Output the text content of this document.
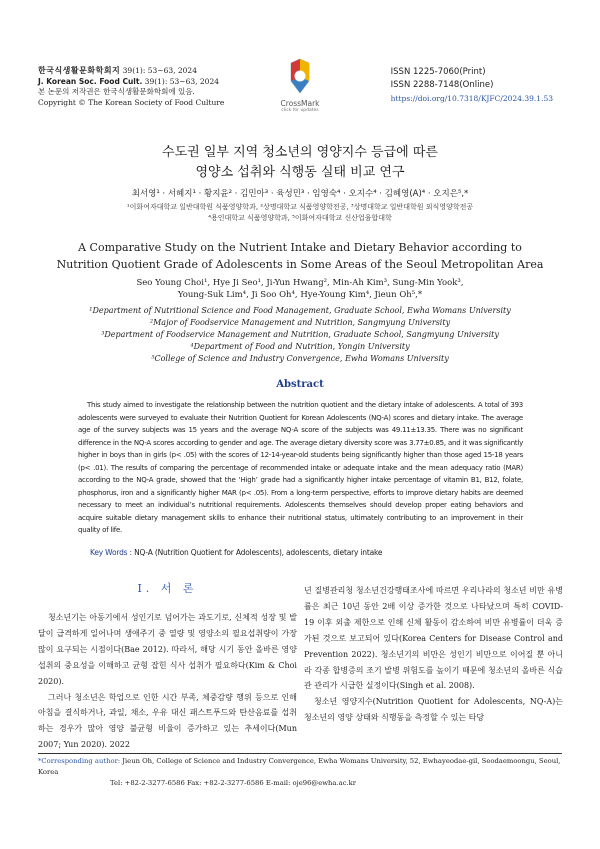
한국식생활문화학회지 39(1): 53~63, 2024
J. Korean Soc. Food Cult. 39(1): 53~63, 2024
본 논문의 저작권은 한국식생활문화학회에 있음.
Copyright © The Korean Society of Food Culture	CrossMark
click for updates
ISSN 1225-7060(Print)
ISSN 2288-7148(Online)
https://doi.org/10.7318/KJFC/2024.39.1.53
수도권 일부 지역 청소년의 영양지수 등급에 따른
영양소 섭취와 식행동 실태 비교 연구
최서영¹ · 서혜지¹ · 황지윤² · 김민아³ · 육성민³ · 임영숙⁴ · 오지수⁴ · 김혜영(A)⁴ · 오지은⁵,*
¹이화여자대학교 일반대학원 식품영양학과, ²상명대학교 식품영양학전공, ³상명대학교 일반대학원 외식영양학전공
⁴용인대학교 식품영양학과, ⁵이화여자대학교 신산업융합대학
A Comparative Study on the Nutrient Intake and Dietary Behavior according to
Nutrition Quotient Grade of Adolescents in Some Areas of the Seoul Metropolitan Area
Seo Young Choi¹, Hye Ji Seo¹, Ji-Yun Hwang², Min-Ah Kim³, Sung-Min Yook³,
Young-Suk Lim⁴, Ji Soo Oh⁴, Hye-Young Kim⁴, Jieun Oh⁵,*
¹Department of Nutritional Science and Food Management, Graduate School, Ewha Womans University
²Major of Foodservice Management and Nutrition, Sangmyung University
³Department of Foodservice Management and Nutrition, Graduate School, Sangmyung University
⁴Department of Food and Nutrition, Yongin University
⁵College of Science and Industry Convergence, Ewha Womans University
Abstract

This study aimed to investigate the relationship between the nutrition quotient and the dietary intake of adolescents. A total of 393 adolescents were surveyed to evaluate their Nutrition Quotient for Korean Adolescents (NQ-A) scores and dietary intake. The average age of the survey subjects was 15 years and the average NQ-A score of the subjects was 49.11±13.35. There was no significant difference in the NQ-A scores according to gender and age. The average dietary diversity score was 3.77±0.85, and it was significantly higher in boys than in girls (p< .05) with the scores of 12-14-year-old students being significantly higher than those aged 15-18 years (p< .01). The results of comparing the percentage of recommended intake or adequate intake and the mean adequacy ratio (MAR) according to the NQ-A grade, showed that the ‘High’ grade had a significantly higher intake percentage of vitamin B1, B12, folate, phosphorus, iron and a significantly higher MAR (p< .05). From a long-term perspective, efforts to improve dietary habits are deemed necessary to meet an individual’s nutritional requirements. Adolescents themselves should develop proper eating behaviors and acquire suitable dietary management skills to enhance their nutritional status, ultimately contributing to an improvement in their quality of life.

Key Words : NQ-A (Nutrition Quotient for Adolescents), adolescents, dietary intake
I. 서 론

청소년기는 아동기에서 성인기로 넘어가는 과도기로, 신체적 성장 및 발달이 급격하게 일어나며 생애주기 중 열량 및 영양소의 필요섭취량이 가장 많이 요구되는 시점이다(Bae 2012). 따라서, 해당 시기 동안 올바른 영양 섭취의 중요성을 이해하고 균형 잡힌 식사 섭취가 필요하다(Kim & Choi 2020).

그러나 청소년은 학업으로 인한 시간 부족, 체중감량 행위 등으로 인해 아침을 결식하거나, 과일, 채소, 우유 대신 패스트푸드와 탄산음료를 섭취하는 경우가 많아 영양 불균형 비율이 증가하고 있는 추세이다(Mun 2007; Yun 2020). 2022

년 질병관리청 청소년건강행태조사에 따르면 우리나라의 청소년 비만 유병률은 최근 10년 동안 2배 이상 증가한 것으로 나타났으며 특히 COVID-19 이후 외출 제한으로 인해 신체 활동이 감소하여 비만 유병률이 더욱 증가된 것으로 보고되어 있다(Korea Centers for Disease Control and Prevention 2022). 청소년기의 비만은 성인기 비만으로 이어질 뿐 아니라 각종 합병증의 조기 발병 위험도를 높이기 때문에 청소년의 올바른 식습관 관리가 시급한 실정이다(Singh et al. 2008).

청소년 영양지수(Nutrition Quotient for Adolescents, NQ-A)는 청소년의 영양 상태와 식행동을 측정할 수 있는 타당

*Corresponding author: Jieun Oh, College of Science and Industry Convergence, Ewha Womans University, 52, Ewhayeodae-gil, Seodaemoongu, Seoul, Korea
Tel: +82-2-3277-6586 Fax: +82-2-3277-6586 E-mail: oje96@ewha.ac.kr
